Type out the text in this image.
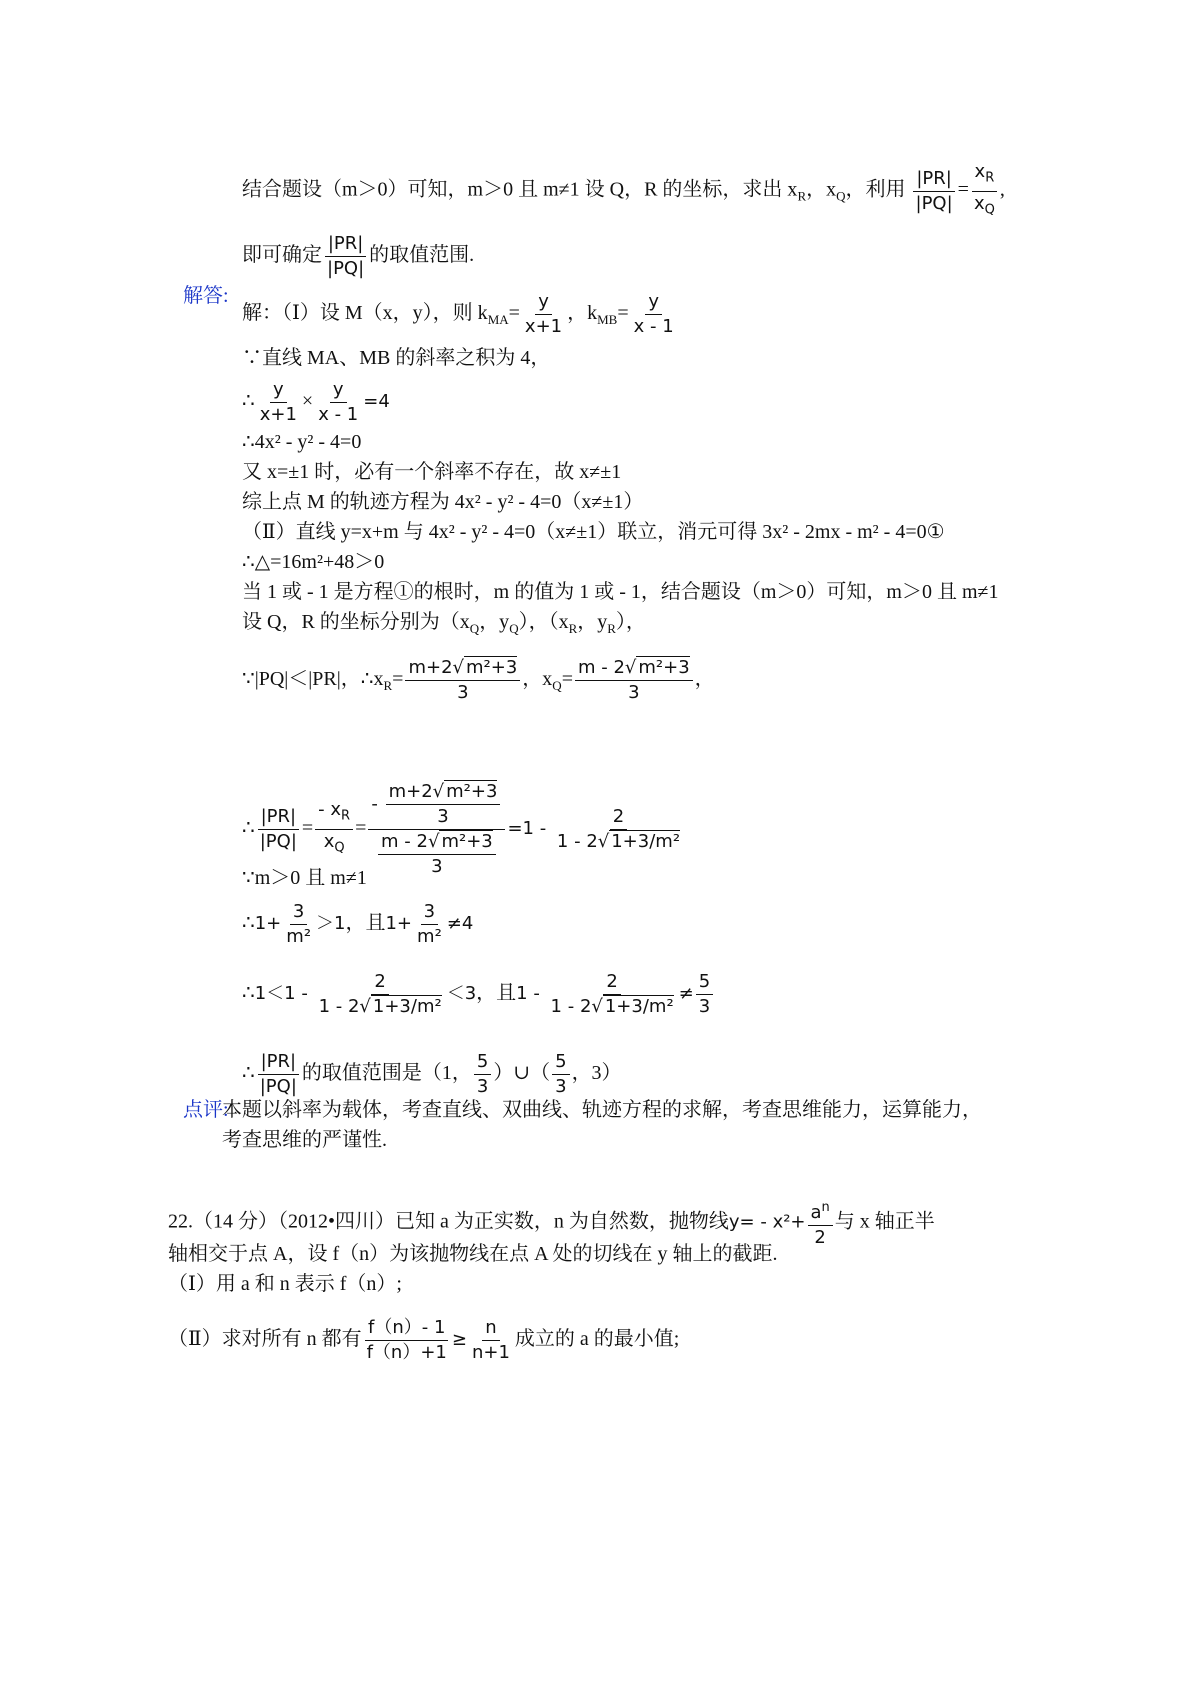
结合题设（m＞0）可知，m＞0 且 m≠1 设 Q，R 的坐标，求出 $x_R$，$x_Q$，利用 $\frac{|PR|}{|PQ|} = \frac{x_R}{x_Q}$ ,
即可确定 $\frac{|PR|}{|PQ|}$ 的取值范围.
解答:
解：（Ⅰ）设 M（x，y），则 $k_{MA}= \frac{y}{x+1}$ ，$k_{MB}= \frac{y}{x - 1}$
∵直线 MA、MB 的斜率之积为 4，
∴ $\frac{y}{x+1} \times \frac{y}{x - 1} =4$
∴4x² - y² - 4=0
又 x=±1 时，必有一个斜率不存在，故 x≠±1
综上点 M 的轨迹方程为 4x² - y² - 4=0（x≠±1）
（Ⅱ）直线 y=x+m 与 4x² - y² - 4=0（x≠±1）联立，消元可得 3x² - 2mx - m² - 4=0①
∴△=16m²+48＞0
当 1 或 - 1 是方程①的根时，m 的值为 1 或 - 1，结合题设（m＞0）可知，m＞0 且 m≠1
设 Q，R 的坐标分别为（$x_Q$，$y_Q$），（$x_R$，$y_R$），
∵|PQ|＜|PR|，$\therefore x_R= \frac{\text{m+2√ m²+3}}{3}$ ，$x_Q= \frac{\text{m - 2√ m²+3}}{3}$ ，
∴ $\frac{|PR|}{|PQ|} = \frac{- x_R}{x_Q} = \frac{- \frac{\text{m+2√ m²+3}}{3}}{\frac{\text{m - 2√ m²+3}}{3}} =1 - \frac{2}{\text{1 - 2√ 1+3/m²}}$
∵m＞0 且 m≠1
∴1+ $\frac{3}{\text{m²}} >1$，且$1+ \frac{3}{\text{m²}} \ne 4$
∴1＜1 - $\frac{2}{\text{1 - 2√ 1+3/m²}} <3$，且$1 - \frac{2}{\text{1 - 2√ 1+3/m²}} \ne \frac{5}{3}$
∴ $\frac{|PR|}{|PQ|}$ 的取值范围是（1， $\frac{5}{3}$ ）∪（ $\frac{5}{3}$ ，3）
点评:
本题以斜率为载体，考查直线、双曲线、轨迹方程的求解，考查思维能力，运算能力，
考查思维的严谨性.
22.（14 分）（2012•四川）已知 a 为正实数，n 为自然数，抛物线$y= - x^2+ \frac{a^n}{2}$ 与 x 轴正半
轴相交于点 A，设 f（n）为该抛物线在点 A 处的切线在 y 轴上的截距.
（Ⅰ）用 a 和 n 表示 f（n）;
（Ⅱ）求对所有 n 都有 $\frac{f(n)- 1}{f(n)+1} \ge \frac{n}{n+1}$ 成立的 a 的最小值;
